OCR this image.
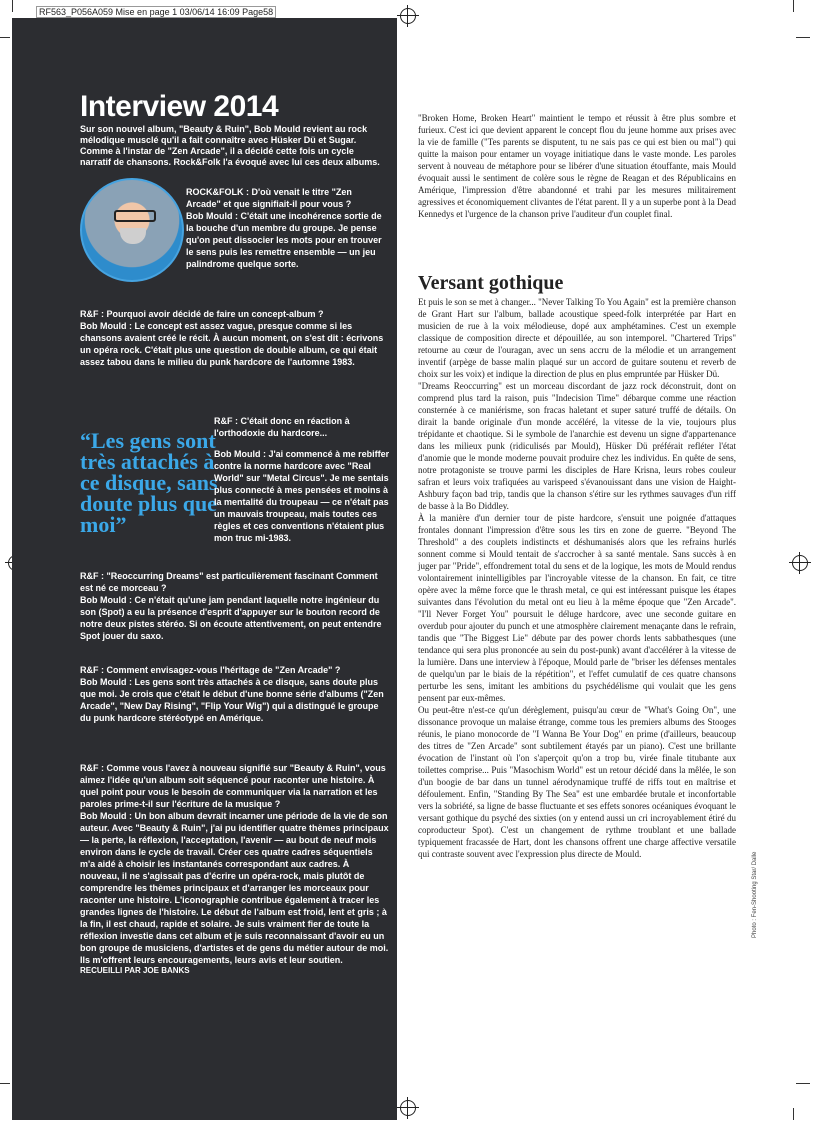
RF563_P056A059 Mise en page 1 03/06/14 16:09 Page58
Interview 2014
Sur son nouvel album, "Beauty & Ruin", Bob Mould revient au rock mélodique musclé qu'il a fait connaître avec Hüsker Dü et Sugar. Comme à l'instar de "Zen Arcade", il a décidé cette fois un cycle narratif de chansons. Rock&Folk l'a évoqué avec lui ces deux albums.

ROCK&FOLK : D'où venait le titre "Zen Arcade" et que signifiait-il pour vous ?

Bob Mould : C'était une incohérence sortie de la bouche d'un membre du groupe. Je pense qu'on peut dissocier les mots pour en trouver le sens puis les remettre ensemble — un jeu palindrome quelque sorte.

R&F : Pourquoi avoir décidé de faire un concept-album ?

Bob Mould : Le concept est assez vague, presque comme si les chansons avaient créé le récit. À aucun moment, on s'est dit : écrivons un opéra rock. C'était plus une question de double album, ce qui était assez tabou dans le milieu du punk hardcore de l'automne 1983.

“Les gens sont très attachés à ce disque, sans doute plus que moi”

R&F : C'était donc en réaction à l'orthodoxie du hardcore...

Bob Mould : J'ai commencé à me rebiffer contre la norme hardcore avec "Real World" sur "Metal Circus". Je me sentais plus connecté à mes pensées et moins à la mentalité du troupeau — ce n'était pas un mauvais troupeau, mais toutes ces règles et ces conventions n'étaient plus mon truc mi-1983.

R&F : "Reoccurring Dreams" est particulièrement fascinant Comment est né ce morceau ?

Bob Mould : Ce n'était qu'une jam pendant laquelle notre ingénieur du son (Spot) a eu la présence d'esprit d'appuyer sur le bouton record de notre deux pistes stéréo. Si on écoute attentivement, on peut entendre Spot jouer du saxo.

R&F : Comment envisagez-vous l'héritage de "Zen Arcade" ?

Bob Mould : Les gens sont très attachés à ce disque, sans doute plus que moi. Je crois que c'était le début d'une bonne série d'albums ("Zen Arcade", "New Day Rising", "Flip Your Wig") qui a distingué le groupe du punk hardcore stéréotypé en Amérique.

R&F : Comme vous l'avez à nouveau signifié sur "Beauty & Ruin", vous aimez l'idée qu'un album soit séquencé pour raconter une histoire. À quel point pour vous le besoin de communiquer via la narration et les paroles prime-t-il sur l'écriture de la musique ?

Bob Mould : Un bon album devrait incarner une période de la vie de son auteur. Avec "Beauty & Ruin", j'ai pu identifier quatre thèmes principaux — la perte, la réflexion, l'acceptation, l'avenir — au bout de neuf mois environ dans le cycle de travail. Créer ces quatre cadres séquentiels m'a aidé à choisir les instantanés correspondant aux cadres. À nouveau, il ne s'agissait pas d'écrire un opéra-rock, mais plutôt de comprendre les thèmes principaux et d'arranger les morceaux pour raconter une histoire. L'iconographie contribue également à tracer les grandes lignes de l'histoire. Le début de l'album est froid, lent et gris ; à la fin, il est chaud, rapide et solaire. Je suis vraiment fier de toute la réflexion investie dans cet album et je suis reconnaissant d'avoir eu un bon groupe de musiciens, d'artistes et de gens du métier autour de moi. Ils m'offrent leurs encouragements, leurs avis et leur soutien.

RECUEILLI PAR JOE BANKS

"Broken Home, Broken Heart" maintient le tempo et réussit à être plus sombre et furieux. C'est ici que devient apparent le concept flou du jeune homme aux prises avec la vie de famille ("Tes parents se disputent, tu ne sais pas ce qui est bien ou mal") qui quitte la maison pour entamer un voyage initiatique dans le vaste monde. Les paroles servent à nouveau de métaphore pour se libérer d'une situation étouffante, mais Mould évoquait aussi le sentiment de colère sous le règne de Reagan et des Républicains en Amérique, l'impression d'être abandonné et trahi par les mesures militairement agressives et économiquement clivantes de l'état parent. Il y a un superbe pont à la Dead Kennedys et l'urgence de la chanson prive l'auditeur d'un couplet final.

Versant gothique

Et puis le son se met à changer... "Never Talking To You Again" est la première chanson de Grant Hart sur l'album, ballade acoustique speed-folk interprétée par Hart en musicien de rue à la voix mélodieuse, dopé aux amphétamines. C'est un exemple classique de composition directe et dépouillée, au son intemporel. "Chartered Trips" retourne au cœur de l'ouragan, avec un sens accru de la mélodie et un arrangement inventif (arpège de basse malin plaqué sur un accord de guitare soutenu et reverb de choix sur les voix) et indique la direction de plus en plus empruntée par Hüsker Dü.

"Dreams Reoccurring" est un morceau discordant de jazz rock déconstruit, dont on comprend plus tard la raison, puis "Indecision Time" débarque comme une réaction consternée à ce maniérisme, son fracas haletant et super saturé truffé de détails. On dirait la bande originale d'un monde accéléré, la vitesse de la vie, toujours plus trépidante et chaotique. Si le symbole de l'anarchie est devenu un signe d'appartenance dans les milieux punk (ridiculisés par Mould), Hüsker Dü préférait refléter l'état d'anomie que le monde moderne pouvait produire chez les individus. En quête de sens, notre protagoniste se trouve parmi les disciples de Hare Krisna, leurs robes couleur safran et leurs voix trafiquées au varispeed s'évanouissant dans une vision de Haight-Ashbury façon bad trip, tandis que la chanson s'étire sur les rythmes sauvages d'un riff de basse à la Bo Diddley.

À la manière d'un dernier tour de piste hardcore, s'ensuit une poignée d'attaques frontales donnant l'impression d'être sous les tirs en zone de guerre. "Beyond The Threshold" a des couplets indistincts et déshumanisés alors que les refrains hurlés sonnent comme si Mould tentait de s'accrocher à sa santé mentale. Sans succès à en juger par "Pride", effondrement total du sens et de la logique, les mots de Mould rendus volontairement inintelligibles par l'incroyable vitesse de la chanson. En fait, ce titre opère avec la même force que le thrash metal, ce qui est intéressant puisque les étapes suivantes dans l'évolution du metal ont eu lieu à la même époque que "Zen Arcade". "I'll Never Forget You" poursuit le déluge hardcore, avec une seconde guitare en overdub pour ajouter du punch et une atmosphère clairement menaçante dans le refrain, tandis que "The Biggest Lie" débute par des power chords lents sabbathesques (une tendance qui sera plus prononcée au sein du post-punk) avant d'accélérer à la vitesse de la lumière. Dans une interview à l'époque, Mould parle de "briser les défenses mentales de quelqu'un par le biais de la répétition", et l'effet cumulatif de ces quatre chansons perturbe les sens, imitant les ambitions du psychédélisme qui voulait que les gens pensent par eux-mêmes.

Ou peut-être n'est-ce qu'un dérèglement, puisqu'au cœur de "What's Going On", une dissonance provoque un malaise étrange, comme tous les premiers albums des Stooges réunis, le piano monocorde de "I Wanna Be Your Dog" en prime (d'ailleurs, beaucoup des titres de "Zen Arcade" sont subtilement étayés par un piano). C'est une brillante évocation de l'instant où l'on s'aperçoit qu'on a trop bu, virée finale titubante aux toilettes comprise... Puis "Masochism World" est un retour décidé dans la mêlée, le son d'un boogie de bar dans un tunnel aérodynamique truffé de riffs tout en maîtrise et défoulement. Enfin, "Standing By The Sea" est une embardée brutale et inconfortable vers la sobriété, sa ligne de basse fluctuante et ses effets sonores océaniques évoquant le versant gothique du psyché des sixties (on y entend aussi un cri incroyablement étiré du coproducteur Spot). C'est un changement de rythme troublant et une ballade typiquement fracassée de Hart, dont les chansons offrent une charge affective versatile qui contraste souvent avec l'expression plus directe de Mould.	Photo : Fen-Shooting Star/ Dalle
